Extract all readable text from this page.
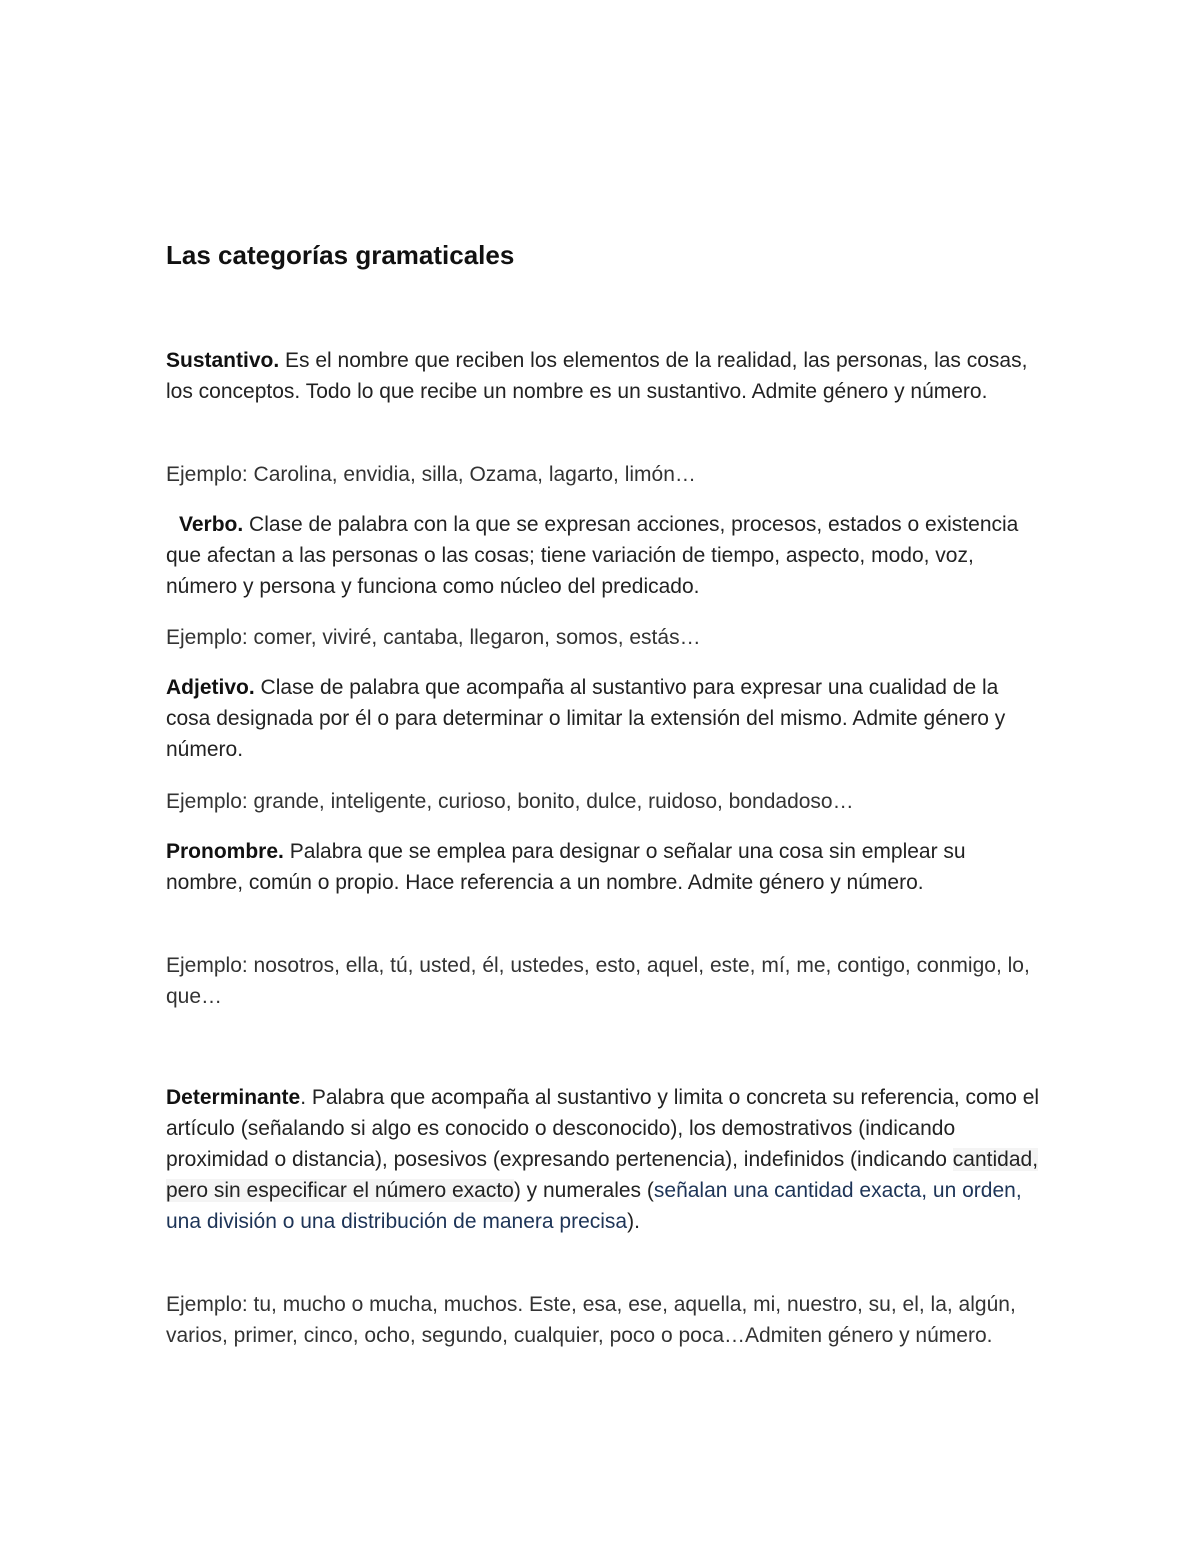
Las categorías gramaticales

Sustantivo. Es el nombre que reciben los elementos de la realidad, las personas, las cosas, los conceptos. Todo lo que recibe un nombre es un sustantivo. Admite género y número.

Ejemplo: Carolina, envidia, silla, Ozama, lagarto, limón…

Verbo. Clase de palabra con la que se expresan acciones, procesos, estados o existencia que afectan a las personas o las cosas; tiene variación de tiempo, aspecto, modo, voz, número y persona y funciona como núcleo del predicado.

Ejemplo: comer, viviré, cantaba, llegaron, somos, estás…

Adjetivo. Clase de palabra que acompaña al sustantivo para expresar una cualidad de la cosa designada por él o para determinar o limitar la extensión del mismo. Admite género y número.

Ejemplo: grande, inteligente, curioso, bonito, dulce, ruidoso, bondadoso…

Pronombre. Palabra que se emplea para designar o señalar una cosa sin emplear su nombre, común o propio. Hace referencia a un nombre. Admite género y número.

Ejemplo: nosotros, ella, tú, usted, él, ustedes, esto, aquel, este, mí, me, contigo, conmigo, lo, que…

Determinante. Palabra que acompaña al sustantivo y limita o concreta su referencia, como el artículo (señalando si algo es conocido o desconocido), los demostrativos (indicando proximidad o distancia), posesivos (expresando pertenencia), indefinidos (indicando cantidad, pero sin especificar el número exacto) y numerales (señalan una cantidad exacta, un orden, una división o una distribución de manera precisa).

Ejemplo: tu, mucho o mucha, muchos. Este, esa, ese, aquella, mi, nuestro, su, el, la, algún, varios, primer, cinco, ocho, segundo, cualquier, poco o poca…Admiten género y número.
